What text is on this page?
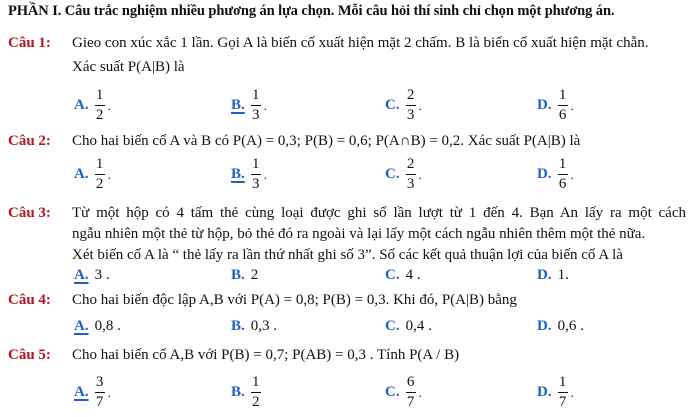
PHẦN I. Câu trắc nghiệm nhiều phương án lựa chọn. Mỗi câu hỏi thí sinh chỉ chọn một phương án.
Câu 1: Gieo con xúc xắc 1 lần. Gọi A là biến cố xuất hiện mặt 2 chấm. B là biến cố xuất hiện mặt chẵn.
Xác suất P(A|B) là
A. $\frac{1}{2}$ .	B. $\frac{1}{3}$ .	C. $\frac{2}{3}$ .	D. $\frac{1}{6}$ .
Câu 2: Cho hai biến cố A và B có P(A) = 0,3; P(B) = 0,6; P(A∩B) = 0,2. Xác suất P(A|B) là
A. $\frac{1}{2}$ .	B. $\frac{1}{3}$ .	C. $\frac{2}{3}$ .	D. $\frac{1}{6}$ .
Câu 3: Từ một hộp có 4 tấm thẻ cùng loại được ghi số lần lượt từ 1 đến 4. Bạn An lấy ra một cách
ngẫu nhiên một thẻ từ hộp, bỏ thẻ đó ra ngoài và lại lấy một cách ngẫu nhiên thêm một thẻ nữa.
Xét biến cố A là “ thẻ lấy ra lần thứ nhất ghi số 3”. Số các kết quả thuận lợi của biến cố A là
A. 3 .	B. 2	C. 4 .	D. 1.
Câu 4: Cho hai biến độc lập A,B với P(A) = 0,8; P(B) = 0,3. Khi đó, P(A|B) bằng
A. 0,8 .	B. 0,3 .	C. 0,4 .	D. 0,6 .
Câu 5: Cho hai biến cố A,B với P(B) = 0,7; P(AB) = 0,3 . Tính P(A / B)
A. $\frac{3}{7}$ .	B. $\frac{1}{2}$	C. $\frac{6}{7}$ .	D. $\frac{1}{7}$ .
